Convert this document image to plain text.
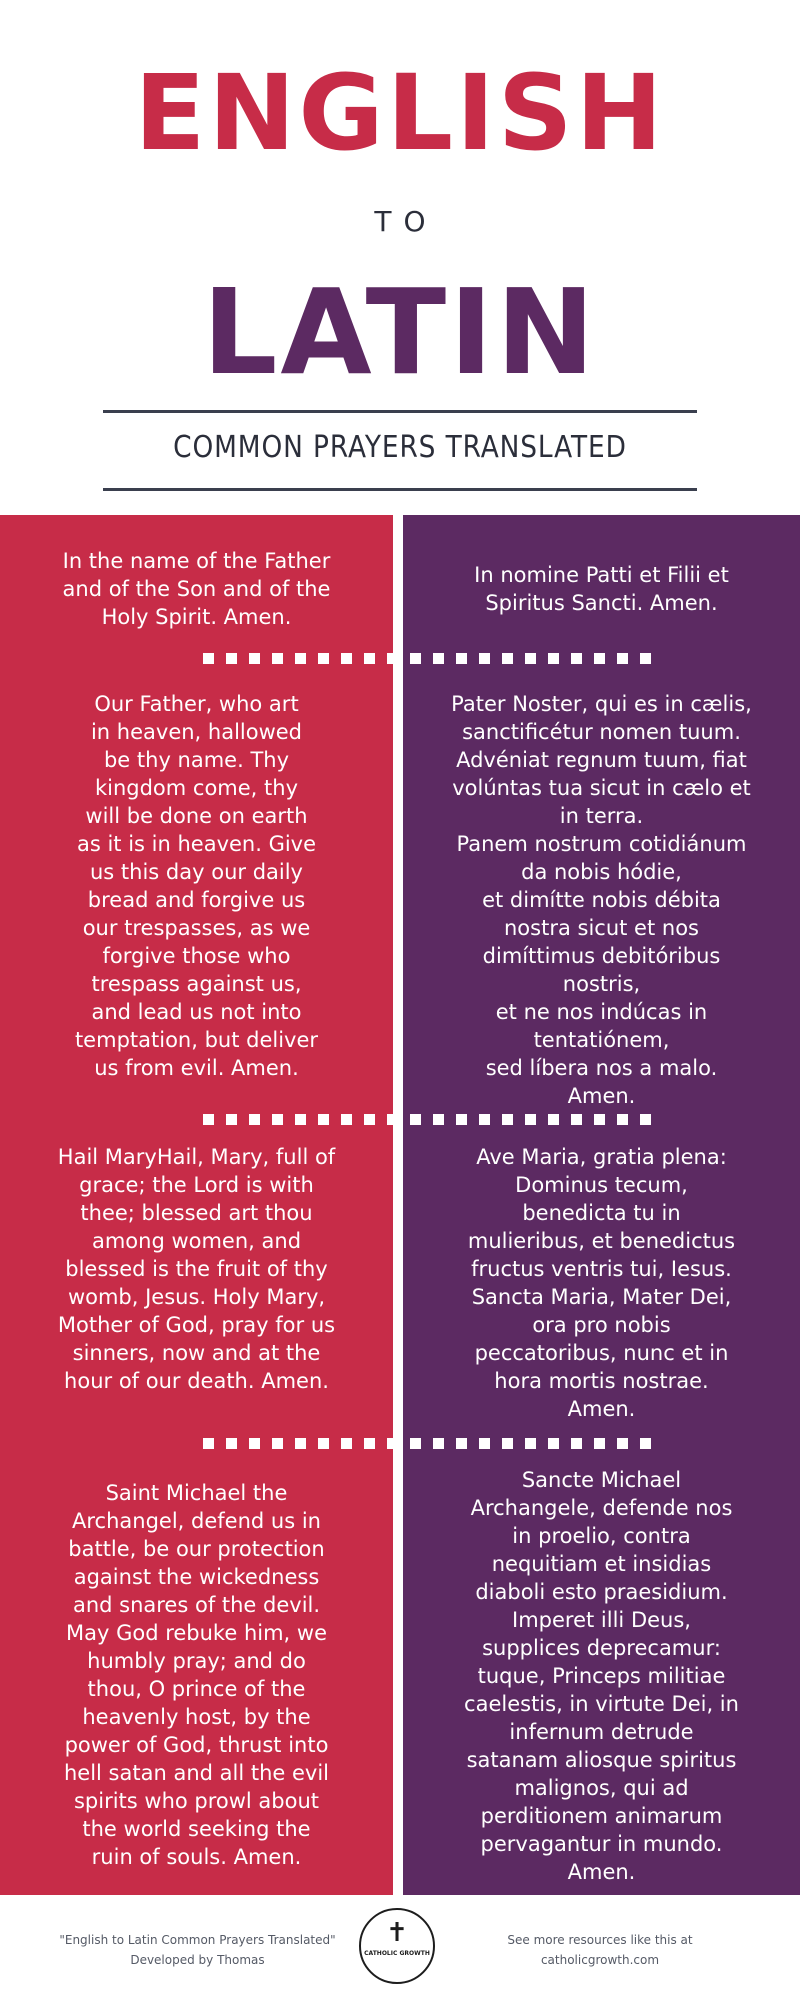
ENGLISH
TO
LATIN
COMMON PRAYERS TRANSLATED
In the name of the Father
and of the Son and of the
Holy Spirit. Amen.
In nomine Patti et Filii et
Spiritus Sancti. Amen.
Our Father, who art
in heaven, hallowed
be thy name. Thy
kingdom come, thy
will be done on earth
as it is in heaven. Give
us this day our daily
bread and forgive us
our trespasses, as we
forgive those who
trespass against us,
and lead us not into
temptation, but deliver
us from evil. Amen.
Pater Noster, qui es in cælis,
sanctificétur nomen tuum.
Advéniat regnum tuum, fiat
volúntas tua sicut in cælo et
in terra.
Panem nostrum cotidiánum
da nobis hódie,
et dimítte nobis débita
nostra sicut et nos
dimíttimus debitóribus
nostris,
et ne nos indúcas in
tentatiónem,
sed líbera nos a malo.
Amen.
Hail MaryHail, Mary, full of
grace; the Lord is with
thee; blessed art thou
among women, and
blessed is the fruit of thy
womb, Jesus. Holy Mary,
Mother of God, pray for us
sinners, now and at the
hour of our death. Amen.
Ave Maria, gratia plena:
Dominus tecum,
benedicta tu in
mulieribus, et benedictus
fructus ventris tui, Iesus.
Sancta Maria, Mater Dei,
ora pro nobis
peccatoribus, nunc et in
hora mortis nostrae.
Amen.
Saint Michael the
Archangel, defend us in
battle, be our protection
against the wickedness
and snares of the devil.
May God rebuke him, we
humbly pray; and do
thou, O prince of the
heavenly host, by the
power of God, thrust into
hell satan and all the evil
spirits who prowl about
the world seeking the
ruin of souls. Amen.
Sancte Michael
Archangele, defende nos
in proelio, contra
nequitiam et insidias
diaboli esto praesidium.
Imperet illi Deus,
supplices deprecamur:
tuque, Princeps militiae
caelestis, in virtute Dei, in
infernum detrude
satanam aliosque spiritus
malignos, qui ad
perditionem animarum
pervagantur in mundo.
Amen.
"English to Latin Common Prayers Translated"
Developed by Thomas
✝
CATHOLIC GROWTH
See more resources like this at
catholicgrowth.com
